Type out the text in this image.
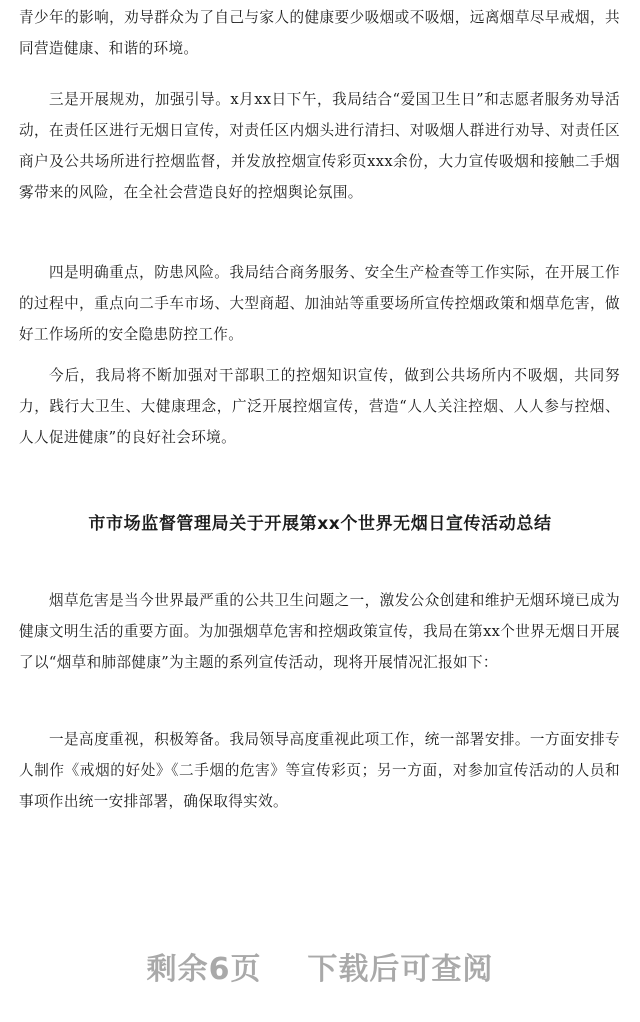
青少年的影响，劝导群众为了自己与家人的健康要少吸烟或不吸烟，远离烟草尽早戒烟，共同营造健康、和谐的环境。

三是开展规劝，加强引导。x月xx日下午，我局结合“爱国卫生日”和志愿者服务劝导活动，在责任区进行无烟日宣传，对责任区内烟头进行清扫、对吸烟人群进行劝导、对责任区商户及公共场所进行控烟监督，并发放控烟宣传彩页xxx余份，大力宣传吸烟和接触二手烟雾带来的风险，在全社会营造良好的控烟舆论氛围。

四是明确重点，防患风险。我局结合商务服务、安全生产检查等工作实际，在开展工作的过程中，重点向二手车市场、大型商超、加油站等重要场所宣传控烟政策和烟草危害，做好工作场所的安全隐患防控工作。

今后，我局将不断加强对干部职工的控烟知识宣传，做到公共场所内不吸烟，共同努力，践行大卫生、大健康理念，广泛开展控烟宣传，营造“人人关注控烟、人人参与控烟、人人促进健康”的良好社会环境。

市市场监督管理局关于开展第xx个世界无烟日宣传活动总结

烟草危害是当今世界最严重的公共卫生问题之一，激发公众创建和维护无烟环境已成为健康文明生活的重要方面。为加强烟草危害和控烟政策宣传，我局在第xx个世界无烟日开展了以“烟草和肺部健康”为主题的系列宣传活动，现将开展情况汇报如下：

一是高度重视，积极筹备。我局领导高度重视此项工作，统一部署安排。一方面安排专人制作《戒烟的好处》《二手烟的危害》等宣传彩页；另一方面，对参加宣传活动的人员和事项作出统一安排部署，确保取得实效。

剩余6页 下载后可查阅
